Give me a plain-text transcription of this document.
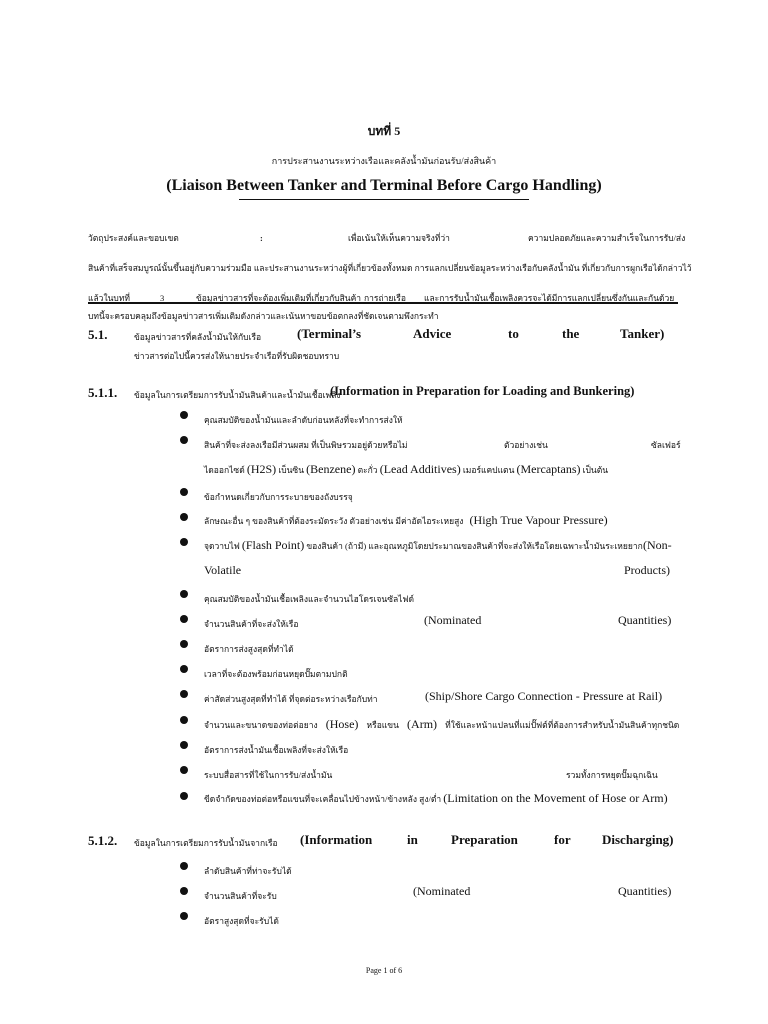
บทที่ 5
การประสานงานระหว่างเรือและคลังน้ำมันก่อนรับ/ส่งสินค้า
(Liaison Between Tanker and Terminal Before Cargo Handling)
วัตถุประสงค์และขอบเขต	:	เพื่อเน้นให้เห็นความจริงที่ว่า	ความปลอดภัยและความสำเร็จในการรับ/ส่ง
สินค้าที่เสร็จสมบูรณ์นั้นขึ้นอยู่กับความร่วมมือ และประสานงานระหว่างผู้ที่เกี่ยวข้องทั้งหมด การแลกเปลี่ยนข้อมูลระหว่างเรือกับคลังน้ำมัน ที่เกี่ยวกับการผูกเรือได้กล่าวไว้
แล้วในบทที่	3	ข้อมูลข่าวสารที่จะต้องเพิ่มเติมที่เกี่ยวกับสินค้า การถ่ายเรือ และการรับน้ำมันเชื้อเพลิงควรจะได้มีการแลกเปลี่ยนซึ่งกันและกันด้วย
บทนี้จะครอบคลุมถึงข้อมูลข่าวสารเพิ่มเติมดังกล่าวและเน้นหาขอบข้อตกลงที่ชัดเจนตามพึงกระทำ
5.1.	ข้อมูลข่าวสารที่คลังน้ำมันให้กับเรือ	(Terminal’s	Advice	to	the	Tanker)
ข่าวสารต่อไปนี้ควรส่งให้นายประจำเรือที่รับผิดชอบทราบ
5.1.1. ข้อมูลในการเตรียมการรับน้ำมันสินค้าและน้ำมันเชื้อเพลิง
(Information in Preparation for Loading and Bunkering)
คุณสมบัติของน้ำมันและลำดับก่อนหลังที่จะทำการส่งให้
สินค้าที่จะส่งลงเรือมีส่วนผสม ที่เป็นพิษรวมอยู่ด้วยหรือไม่	ตัวอย่างเช่น	ซัลเฟอร์
ไดออกไซด์ (H2S) เบ็นซิน (Benzene) ตะกั่ว (Lead Additives) เมอร์แคปแตน (Mercaptans) เป็นต้น
ข้อกำหนดเกี่ยวกับการระบายของถังบรรจุ
ลักษณะอื่น ๆ ของสินค้าที่ต้องระมัดระวัง ตัวอย่างเช่น มีค่าอัดไอระเหยสูง (High True Vapour Pressure)
จุดวาบไฟ (Flash Point) ของสินค้า (ถ้ามี) และอุณหภูมิโดยประมาณของสินค้าที่จะส่งให้เรือโดยเฉพาะน้ำมันระเหยยาก (Non-
Volatile	Products)
คุณสมบัติของน้ำมันเชื้อเพลิงและจำนวนไฮโดรเจนซัลไฟด์
จำนวนสินค้าที่จะส่งให้เรือ	(Nominated	Quantities)
อัตราการส่งสูงสุดที่ทำได้
เวลาที่จะต้องพร้อมก่อนหยุดปั๊มตามปกติ
ค่าสัดส่วนสูงสุดที่ทำได้ ที่จุดต่อระหว่างเรือกับท่า	(Ship/Shore Cargo Connection - Pressure at Rail)
จำนวนและขนาดของท่อต่อยาง (Hose) หรือแขน (Arm) ที่ใช้และหน้าแปลนที่แม่ปั๊ฟต์ที่ต้องการสำหรับน้ำมันสินค้าทุกชนิด
อัตราการส่งน้ำมันเชื้อเพลิงที่จะส่งให้เรือ
ระบบสื่อสารที่ใช้ในการรับ/ส่งน้ำมัน	รวมทั้งการหยุดปั๊มฉุกเฉิน
ขีดจำกัดของท่อต่อหรือแขนที่จะเคลื่อนไปข้างหน้า/ข้างหลัง สูง/ต่ำ (Limitation on the Movement of Hose or Arm)
5.1.2. ข้อมูลในการเตรียมการรับน้ำมันจากเรือ (Information	in	Preparation	for Discharging)
ลำดับสินค้าที่ท่าจะรับได้
จำนวนสินค้าที่จะรับ	(Nominated	Quantities)
อัตราสูงสุดที่จะรับได้
Page 1 of 6
